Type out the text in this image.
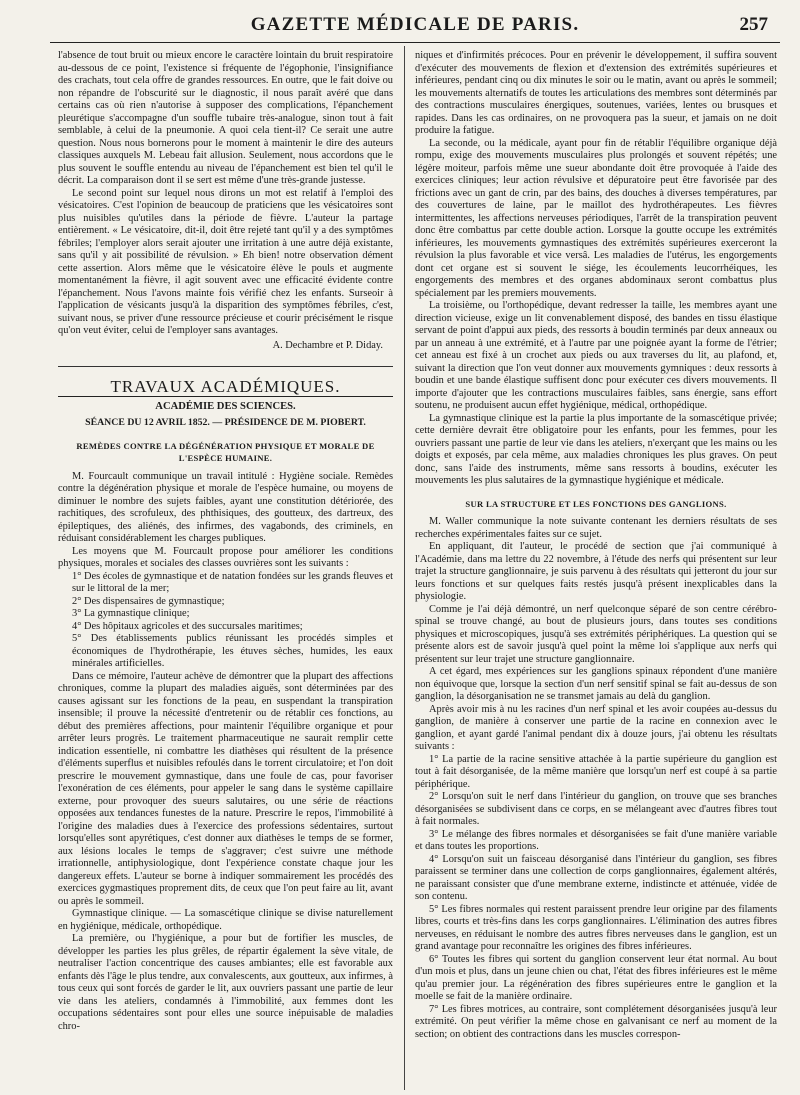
GAZETTE MÉDICALE DE PARIS.	257

l'absence de tout bruit ou mieux encore le caractère lointain du bruit respiratoire au-dessous de ce point, l'existence si fréquente de l'égophonie, l'insignifiance des crachats, tout cela offre de grandes ressources. En outre, que le fait doive ou non répandre de l'obscurité sur le diagnostic, il nous paraît avéré que dans certains cas où rien n'autorise à supposer des complications, l'épanchement pleurétique s'accompagne d'un souffle tubaire très-analogue, sinon tout à fait semblable, à celui de la pneumonie. A quoi cela tient-il? Ce serait une autre question. Nous nous bornerons pour le moment à maintenir le dire des auteurs classiques auxquels M. Lebeau fait allusion. Seulement, nous accordons que le plus souvent le souffle entendu au niveau de l'épanchement est bien tel qu'il le décrit. La comparaison dont il se sert est même d'une très-grande justesse.

Le second point sur lequel nous dirons un mot est relatif à l'emploi des vésicatoires. C'est l'opinion de beaucoup de praticiens que les vésicatoires sont plus nuisibles qu'utiles dans la période de fièvre. L'auteur la partage entièrement. « Le vésicatoire, dit-il, doit être rejeté tant qu'il y a des symptômes fébriles; l'employer alors serait ajouter une irritation à une autre déjà existante, sans qu'il y ait possibilité de révulsion. » Eh bien! notre observation dément cette assertion. Alors même que le vésicatoire élève le pouls et augmente momentanément la fièvre, il agit souvent avec une efficacité évidente contre l'épanchement. Nous l'avons mainte fois vérifié chez les enfants. Surseoir à l'application de vésicants jusqu'à la disparition des symptômes fébriles, c'est, suivant nous, se priver d'une ressource précieuse et courir précisément le risque qu'on veut éviter, celui de l'employer sans avantages.

A. Dechambre et P. Diday.

TRAVAUX ACADÉMIQUES.
ACADÉMIE DES SCIENCES.
SÉANCE DU 12 AVRIL 1852. — PRÉSIDENCE DE M. PIOBERT.
REMÈDES CONTRE LA DÉGÉNÉRATION PHYSIQUE ET MORALE DE L'ESPÈCE HUMAINE.

M. Fourcault communique un travail intitulé : Hygiène sociale. Remèdes contre la dégénération physique et morale de l'espèce humaine, ou moyens de diminuer le nombre des sujets faibles, ayant une constitution détériorée, des rachitiques, des scrofuleux, des phthisiques, des goutteux, des dartreux, des épileptiques, des aliénés, des infirmes, des vagabonds, des criminels, en réduisant considérablement les charges publiques.

Les moyens que M. Fourcault propose pour améliorer les conditions physiques, morales et sociales des classes ouvrières sont les suivants :

1° Des écoles de gymnastique et de natation fondées sur les grands fleuves et sur le littoral de la mer;

2° Des dispensaires de gymnastique;

3° La gymnastique clinique;

4° Des hôpitaux agricoles et des succursales maritimes;

5° Des établissements publics réunissant les procédés simples et économiques de l'hydrothérapie, les étuves sèches, humides, les eaux minérales artificielles.

Dans ce mémoire, l'auteur achève de démontrer que la plupart des affections chroniques, comme la plupart des maladies aiguës, sont déterminées par des causes agissant sur les fonctions de la peau, en suspendant la transpiration insensible; il prouve la nécessité d'entretenir ou de rétablir ces fonctions, au début des premières affections, pour maintenir l'équilibre organique et pour arrêter leurs progrès. Le traitement pharmaceutique ne saurait remplir cette indication essentielle, ni combattre les diathèses qui résultent de la présence d'éléments superflus et nuisibles refoulés dans le torrent circulatoire; et l'on doit prescrire le mouvement gymnastique, dans une foule de cas, pour favoriser l'exonération de ces éléments, pour appeler le sang dans le système capillaire externe, pour provoquer des sueurs salutaires, ou une série de réactions opposées aux tendances funestes de la nature. Prescrire le repos, l'immobilité à l'origine des maladies dues à l'exercice des professions sédentaires, surtout lorsqu'elles sont apyrétiques, c'est donner aux diathèses le temps de se former, aux lésions locales le temps de s'aggraver; c'est suivre une méthode irrationnelle, antiphysiologique, dont l'expérience constate chaque jour les dangereux effets. L'auteur se borne à indiquer sommairement les procédés des exercices gygmastiques proprement dits, de ceux que l'on peut faire au lit, avant ou après le sommeil.

Gymnastique clinique. — La somascétique clinique se divise naturellement en hygiénique, médicale, orthopédique.

La première, ou l'hygiénique, a pour but de fortifier les muscles, de développer les parties les plus grêles, de répartir également la sève vitale, de neutraliser l'action concentrique des causes ambiantes; elle est favorable aux enfants dès l'âge le plus tendre, aux convalescents, aux goutteux, aux infirmes, à tous ceux qui sont forcés de garder le lit, aux ouvriers passant une partie de leur vie dans les ateliers, condamnés à l'immobilité, aux femmes dont les occupations sédentaires sont pour elles une source inépuisable de maladies chro-

niques et d'infirmités précoces. Pour en prévenir le développement, il suffira souvent d'exécuter des mouvements de flexion et d'extension des extrémités supérieures et inférieures, pendant cinq ou dix minutes le soir ou le matin, avant ou après le sommeil; les mouvements alternatifs de toutes les articulations des membres sont déterminés par des contractions musculaires énergiques, soutenues, variées, lentes ou brusques et rapides. Dans les cas ordinaires, on ne provoquera pas la sueur, et jamais on ne doit produire la fatigue.

La seconde, ou la médicale, ayant pour fin de rétablir l'équilibre organique déjà rompu, exige des mouvements musculaires plus prolongés et souvent répétés; une légère moiteur, parfois même une sueur abondante doit être provoquée à l'aide des exercices cliniques; leur action révulsive et dépuratoire peut être favorisée par des frictions avec un gant de crin, par des bains, des douches à diverses températures, par des couvertures de laine, par le maillot des hydrothérapeutes. Les fièvres intermittentes, les affections nerveuses périodiques, l'arrêt de la transpiration peuvent donc être combattus par cette double action. Lorsque la goutte occupe les extrémités inférieures, les mouvements gymnastiques des extrémités supérieures exerceront la révulsion la plus favorable et vice versâ. Les maladies de l'utérus, les engorgements dont cet organe est si souvent le siége, les écoulements leucorrhéiques, les engorgements des membres et des organes abdominaux seront combattus plus spécialement par les premiers mouvements.

La troisième, ou l'orthopédique, devant redresser la taille, les membres ayant une direction vicieuse, exige un lit convenablement disposé, des bandes en tissu élastique servant de point d'appui aux pieds, des ressorts à boudin terminés par deux anneaux ou par un anneau à une extrémité, et à l'autre par une poignée ayant la forme de l'étrier; cet anneau est fixé à un crochet aux pieds ou aux traverses du lit, au plafond, et, suivant la direction que l'on veut donner aux mouvements gymniques : deux ressorts à boudin et une bande élastique suffisent donc pour exécuter ces divers mouvements. Il importe d'ajouter que les contractions musculaires faibles, sans énergie, sans effort soutenu, ne produisent aucun effet hygiénique, médical, orthopédique.

La gymnastique clinique est la partie la plus importante de la somascétique privée; cette dernière devrait être obligatoire pour les enfants, pour les femmes, pour les ouvriers passant une partie de leur vie dans les ateliers, n'exerçant que les mains ou les doigts et exposés, par cela même, aux maladies chroniques les plus graves. On peut donc, sans l'aide des instruments, même sans ressorts à boudins, exécuter les mouvements les plus salutaires de la gymnastique hygiénique et médicale.

SUR LA STRUCTURE ET LES FONCTIONS DES GANGLIONS.

M. Waller communique la note suivante contenant les derniers résultats de ses recherches expérimentales faites sur ce sujet.

En appliquant, dit l'auteur, le procédé de section que j'ai communiqué à l'Académie, dans ma lettre du 22 novembre, à l'étude des nerfs qui présentent sur leur trajet la structure ganglionnaire, je suis parvenu à des résultats qui jetteront du jour sur leurs fonctions et sur quelques faits restés jusqu'à présent inexplicables dans la physiologie.

Comme je l'ai déjà démontré, un nerf quelconque séparé de son centre cérébro-spinal se trouve changé, au bout de plusieurs jours, dans toutes ses conditions physiques et microscopiques, jusqu'à ses extrémités périphériques. La question qui se présente alors est de savoir jusqu'à quel point la même loi s'applique aux nerfs qui présentent sur leur trajet une structure ganglionnaire.

A cet égard, mes expériences sur les ganglions spinaux répondent d'une manière non équivoque que, lorsque la section d'un nerf sensitif spinal se fait au-dessus de son ganglion, la désorganisation ne se transmet jamais au delà du ganglion.

Après avoir mis à nu les racines d'un nerf spinal et les avoir coupées au-dessus du ganglion, de manière à conserver une partie de la racine en connexion avec le ganglion, et ayant gardé l'animal pendant dix à douze jours, j'ai obtenu les résultats suivants :

1° La partie de la racine sensitive attachée à la partie supérieure du ganglion est tout à fait désorganisée, de la même manière que lorsqu'un nerf est coupé à sa partie périphérique.

2° Lorsqu'on suit le nerf dans l'intérieur du ganglion, on trouve que ses branches désorganisées se subdivisent dans ce corps, en se mélangeant avec d'autres fibres tout à fait normales.

3° Le mélange des fibres normales et désorganisées se fait d'une manière variable et dans toutes les proportions.

4° Lorsqu'on suit un faisceau désorganisé dans l'intérieur du ganglion, ses fibres paraissent se terminer dans une collection de corps ganglionnaires, également altérés, ne paraissant consister que d'une membrane externe, indistincte et atténuée, vidée de son contenu.

5° Les fibres normales qui restent paraissent prendre leur origine par des filaments libres, courts et très-fins dans les corps ganglionnaires. L'élimination des autres fibres nerveuses, en réduisant le nombre des autres fibres nerveuses dans le ganglion, est un grand avantage pour reconnaître les origines des fibres inférieures.

6° Toutes les fibres qui sortent du ganglion conservent leur état normal. Au bout d'un mois et plus, dans un jeune chien ou chat, l'état des fibres inférieures est le même qu'au premier jour. La régénération des fibres supérieures entre le ganglion et la moelle se fait de la manière ordinaire.

7° Les fibres motrices, au contraire, sont complétement désorganisées jusqu'à leur extrémité. On peut vérifier la même chose en galvanisant ce nerf au moment de la section; on obtient des contractions dans les muscles correspon-
